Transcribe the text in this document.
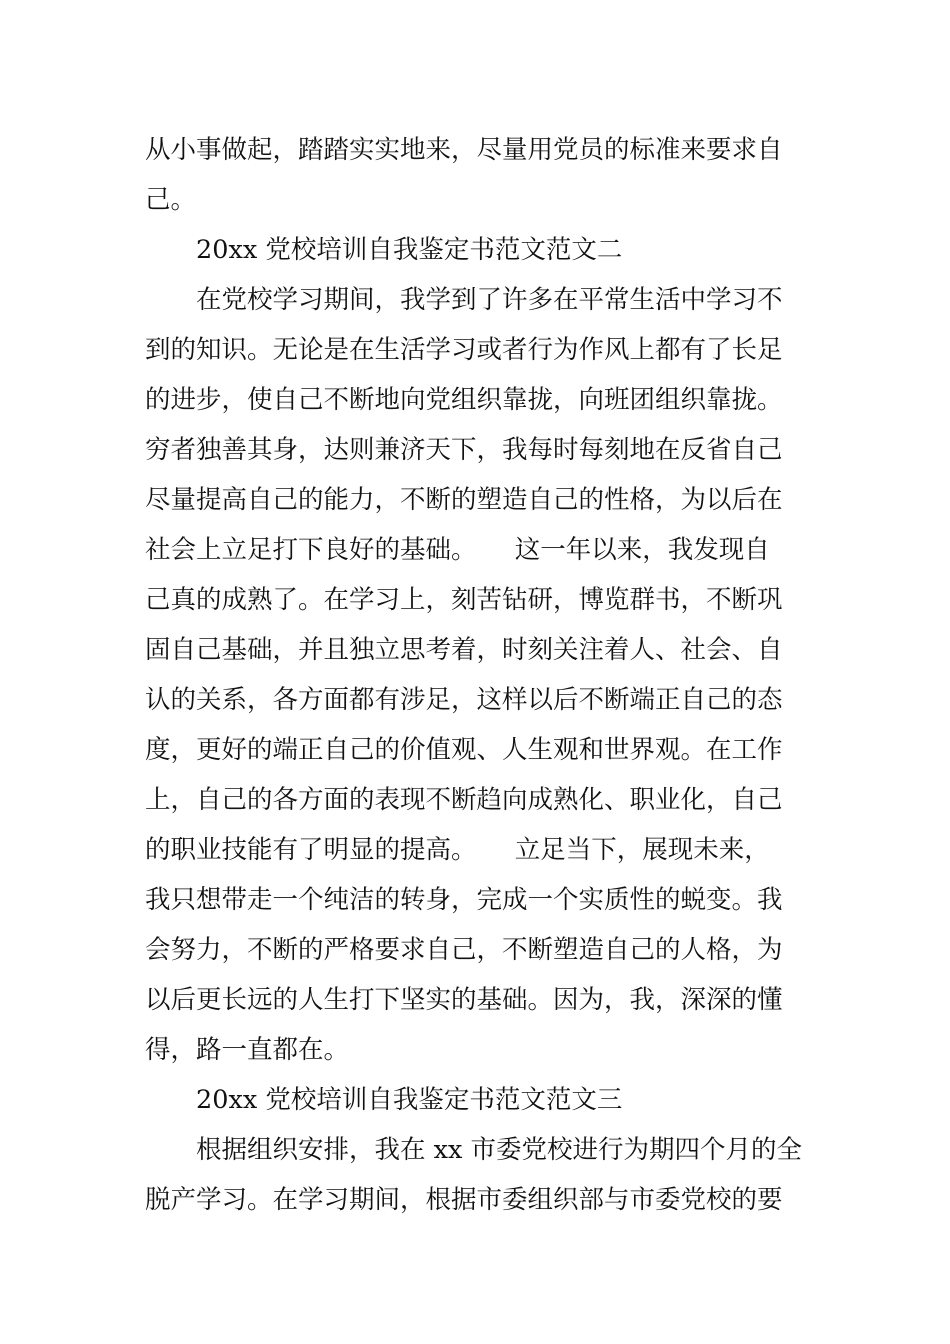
从小事做起，踏踏实实地来，尽量用党员的标准来要求自
己。
20xx 党校培训自我鉴定书范文范文二
在党校学习期间，我学到了许多在平常生活中学习不
到的知识。无论是在生活学习或者行为作风上都有了长足
的进步，使自己不断地向党组织靠拢，向班团组织靠拢。
穷者独善其身，达则兼济天下，我每时每刻地在反省自己
尽量提高自己的能力，不断的塑造自己的性格，为以后在
社会上立足打下良好的基础。　　这一年以来，我发现自
己真的成熟了。在学习上，刻苦钻研，博览群书，不断巩
固自己基础，并且独立思考着，时刻关注着人、社会、自
认的关系，各方面都有涉足，这样以后不断端正自己的态
度，更好的端正自己的价值观、人生观和世界观。在工作
上，自己的各方面的表现不断趋向成熟化、职业化，自己
的职业技能有了明显的提高。　　立足当下，展现未来，
我只想带走一个纯洁的转身，完成一个实质性的蜕变。我
会努力，不断的严格要求自己，不断塑造自己的人格，为
以后更长远的人生打下坚实的基础。因为，我，深深的懂
得，路一直都在。
20xx 党校培训自我鉴定书范文范文三
根据组织安排，我在 xx 市委党校进行为期四个月的全
脱产学习。在学习期间，根据市委组织部与市委党校的要
